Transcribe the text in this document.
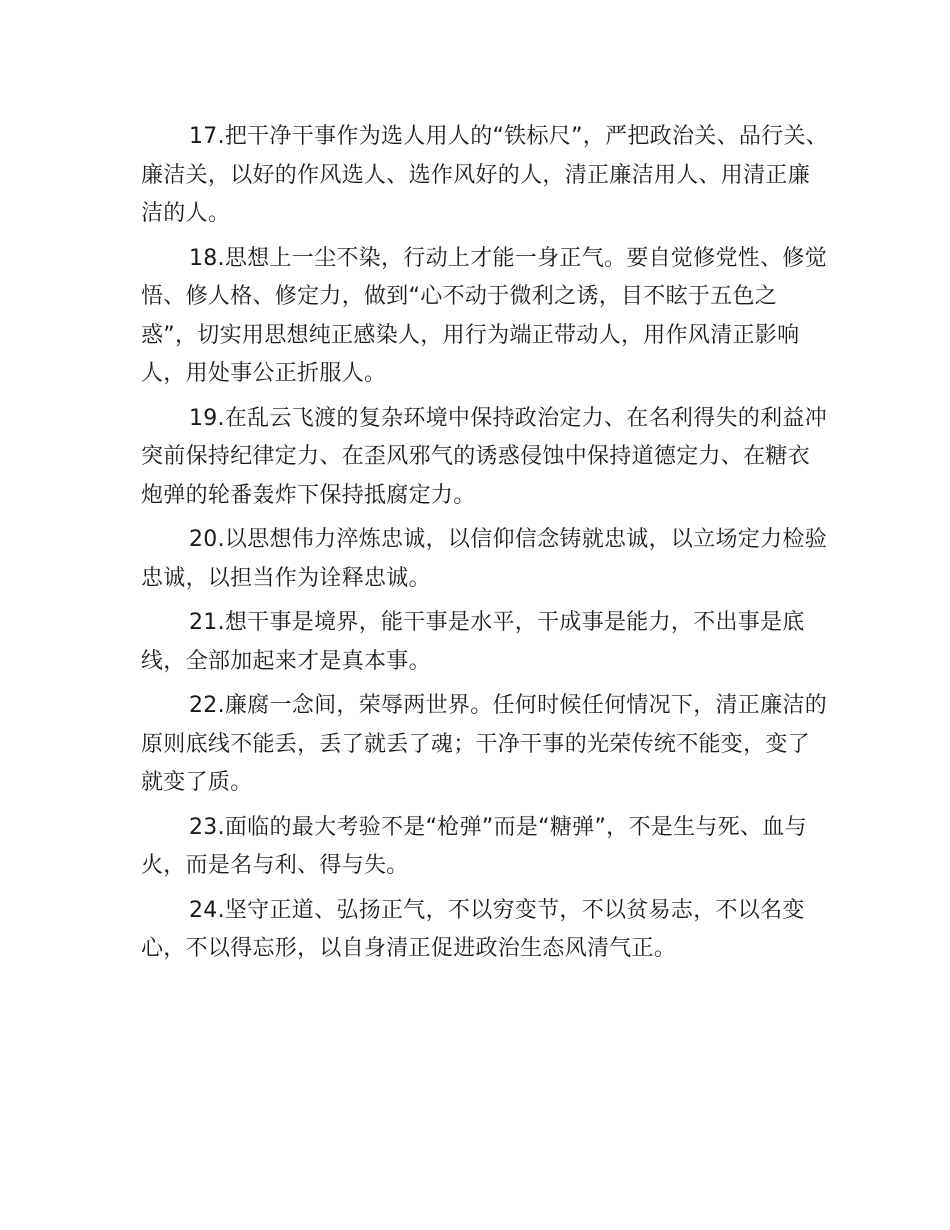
17.把干净干事作为选人用人的“铁标尺”，严把政治关、品行关、廉洁关，以好的作风选人、选作风好的人，清正廉洁用人、用清正廉洁的人。

18.思想上一尘不染，行动上才能一身正气。要自觉修党性、修觉悟、修人格、修定力，做到“心不动于微利之诱，目不眩于五色之惑”，切实用思想纯正感染人，用行为端正带动人，用作风清正影响人，用处事公正折服人。

19.在乱云飞渡的复杂环境中保持政治定力、在名利得失的利益冲突前保持纪律定力、在歪风邪气的诱惑侵蚀中保持道德定力、在糖衣炮弹的轮番轰炸下保持抵腐定力。

20.以思想伟力淬炼忠诚，以信仰信念铸就忠诚，以立场定力检验忠诚，以担当作为诠释忠诚。

21.想干事是境界，能干事是水平，干成事是能力，不出事是底线，全部加起来才是真本事。

22.廉腐一念间，荣辱两世界。任何时候任何情况下，清正廉洁的原则底线不能丢，丢了就丢了魂；干净干事的光荣传统不能变，变了就变了质。

23.面临的最大考验不是“枪弹”而是“糖弹”，不是生与死、血与火，而是名与利、得与失。

24.坚守正道、弘扬正气，不以穷变节，不以贫易志，不以名变心，不以得忘形，以自身清正促进政治生态风清气正。
